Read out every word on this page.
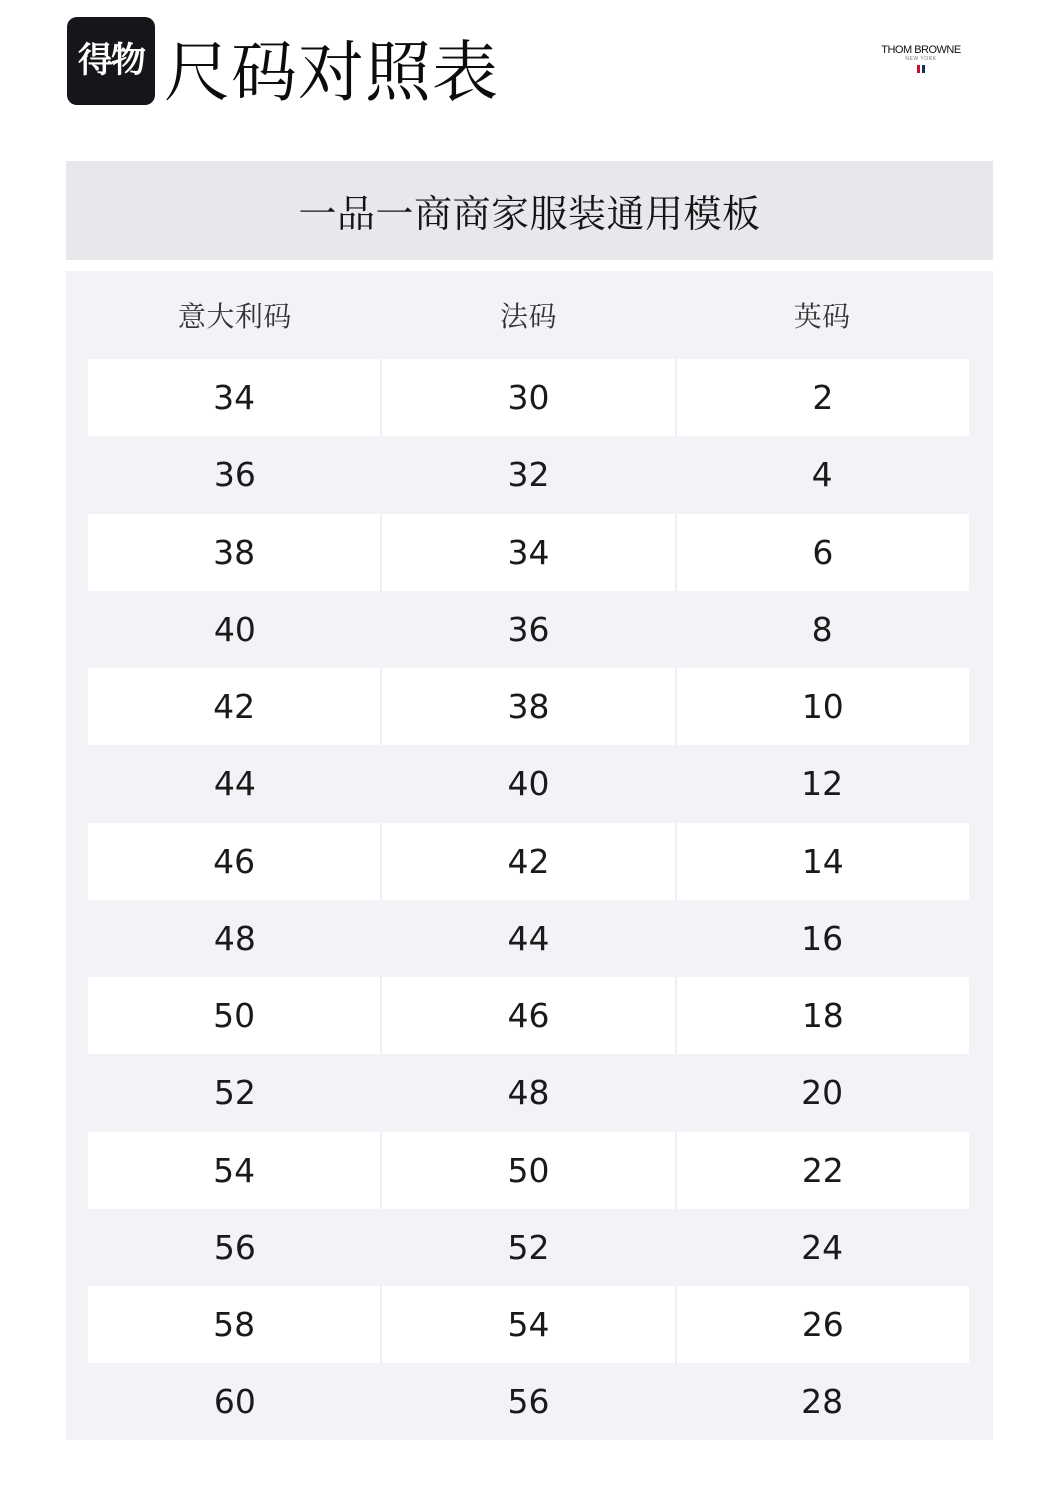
得物 尺码对照表	THOM BROWNE
NEW YORK
一品一商商家服装通用模板
意大利码	法码	英码
34	30	2
36	32	4
38	34	6
40	36	8
42	38	10
44	40	12
46	42	14
48	44	16
50	46	18
52	48	20
54	50	22
56	52	24
58	54	26
60	56	28
